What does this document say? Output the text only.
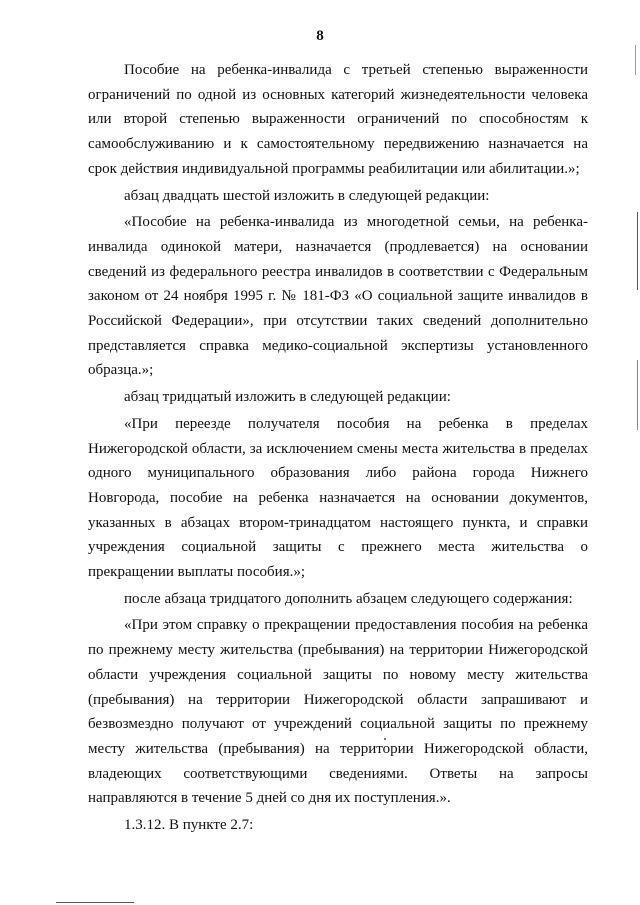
8

Пособие на ребенка-инвалида с третьей степенью выраженности ограничений по одной из основных категорий жизнедеятельности человека или второй степенью выраженности ограничений по способностям к самообслуживанию и к самостоятельному передвижению назначается на срок действия индивидуальной программы реабилитации или абилитации.»;

абзац двадцать шестой изложить в следующей редакции:

«Пособие на ребенка-инвалида из многодетной семьи, на ребенка-инвалида одинокой матери, назначается (продлевается) на основании сведений из федерального реестра инвалидов в соответствии с Федеральным законом от 24 ноября 1995 г. № 181-ФЗ «О социальной защите инвалидов в Российской Федерации», при отсутствии таких сведений дополнительно представляется справка медико-социальной экспертизы установленного образца.»;

абзац тридцатый изложить в следующей редакции:

«При переезде получателя пособия на ребенка в пределах Нижегородской области, за исключением смены места жительства в пределах одного муниципального образования либо района города Нижнего Новгорода, пособие на ребенка назначается на основании документов, указанных в абзацах втором-тринадцатом настоящего пункта, и справки учреждения социальной защиты с прежнего места жительства о прекращении выплаты пособия.»;

после абзаца тридцатого дополнить абзацем следующего содержания:

«При этом справку о прекращении предоставления пособия на ребенка по прежнему месту жительства (пребывания) на территории Нижегородской области учреждения социальной защиты по новому месту жительства (пребывания) на территории Нижегородской области запрашивают и безвозмездно получают от учреждений социальной защиты по прежнему месту жительства (пребывания) на территории Нижегородской области, владеющих соответствующими сведениями. Ответы на запросы направляются в течение 5 дней со дня их поступления.».

1.3.12. В пункте 2.7:
